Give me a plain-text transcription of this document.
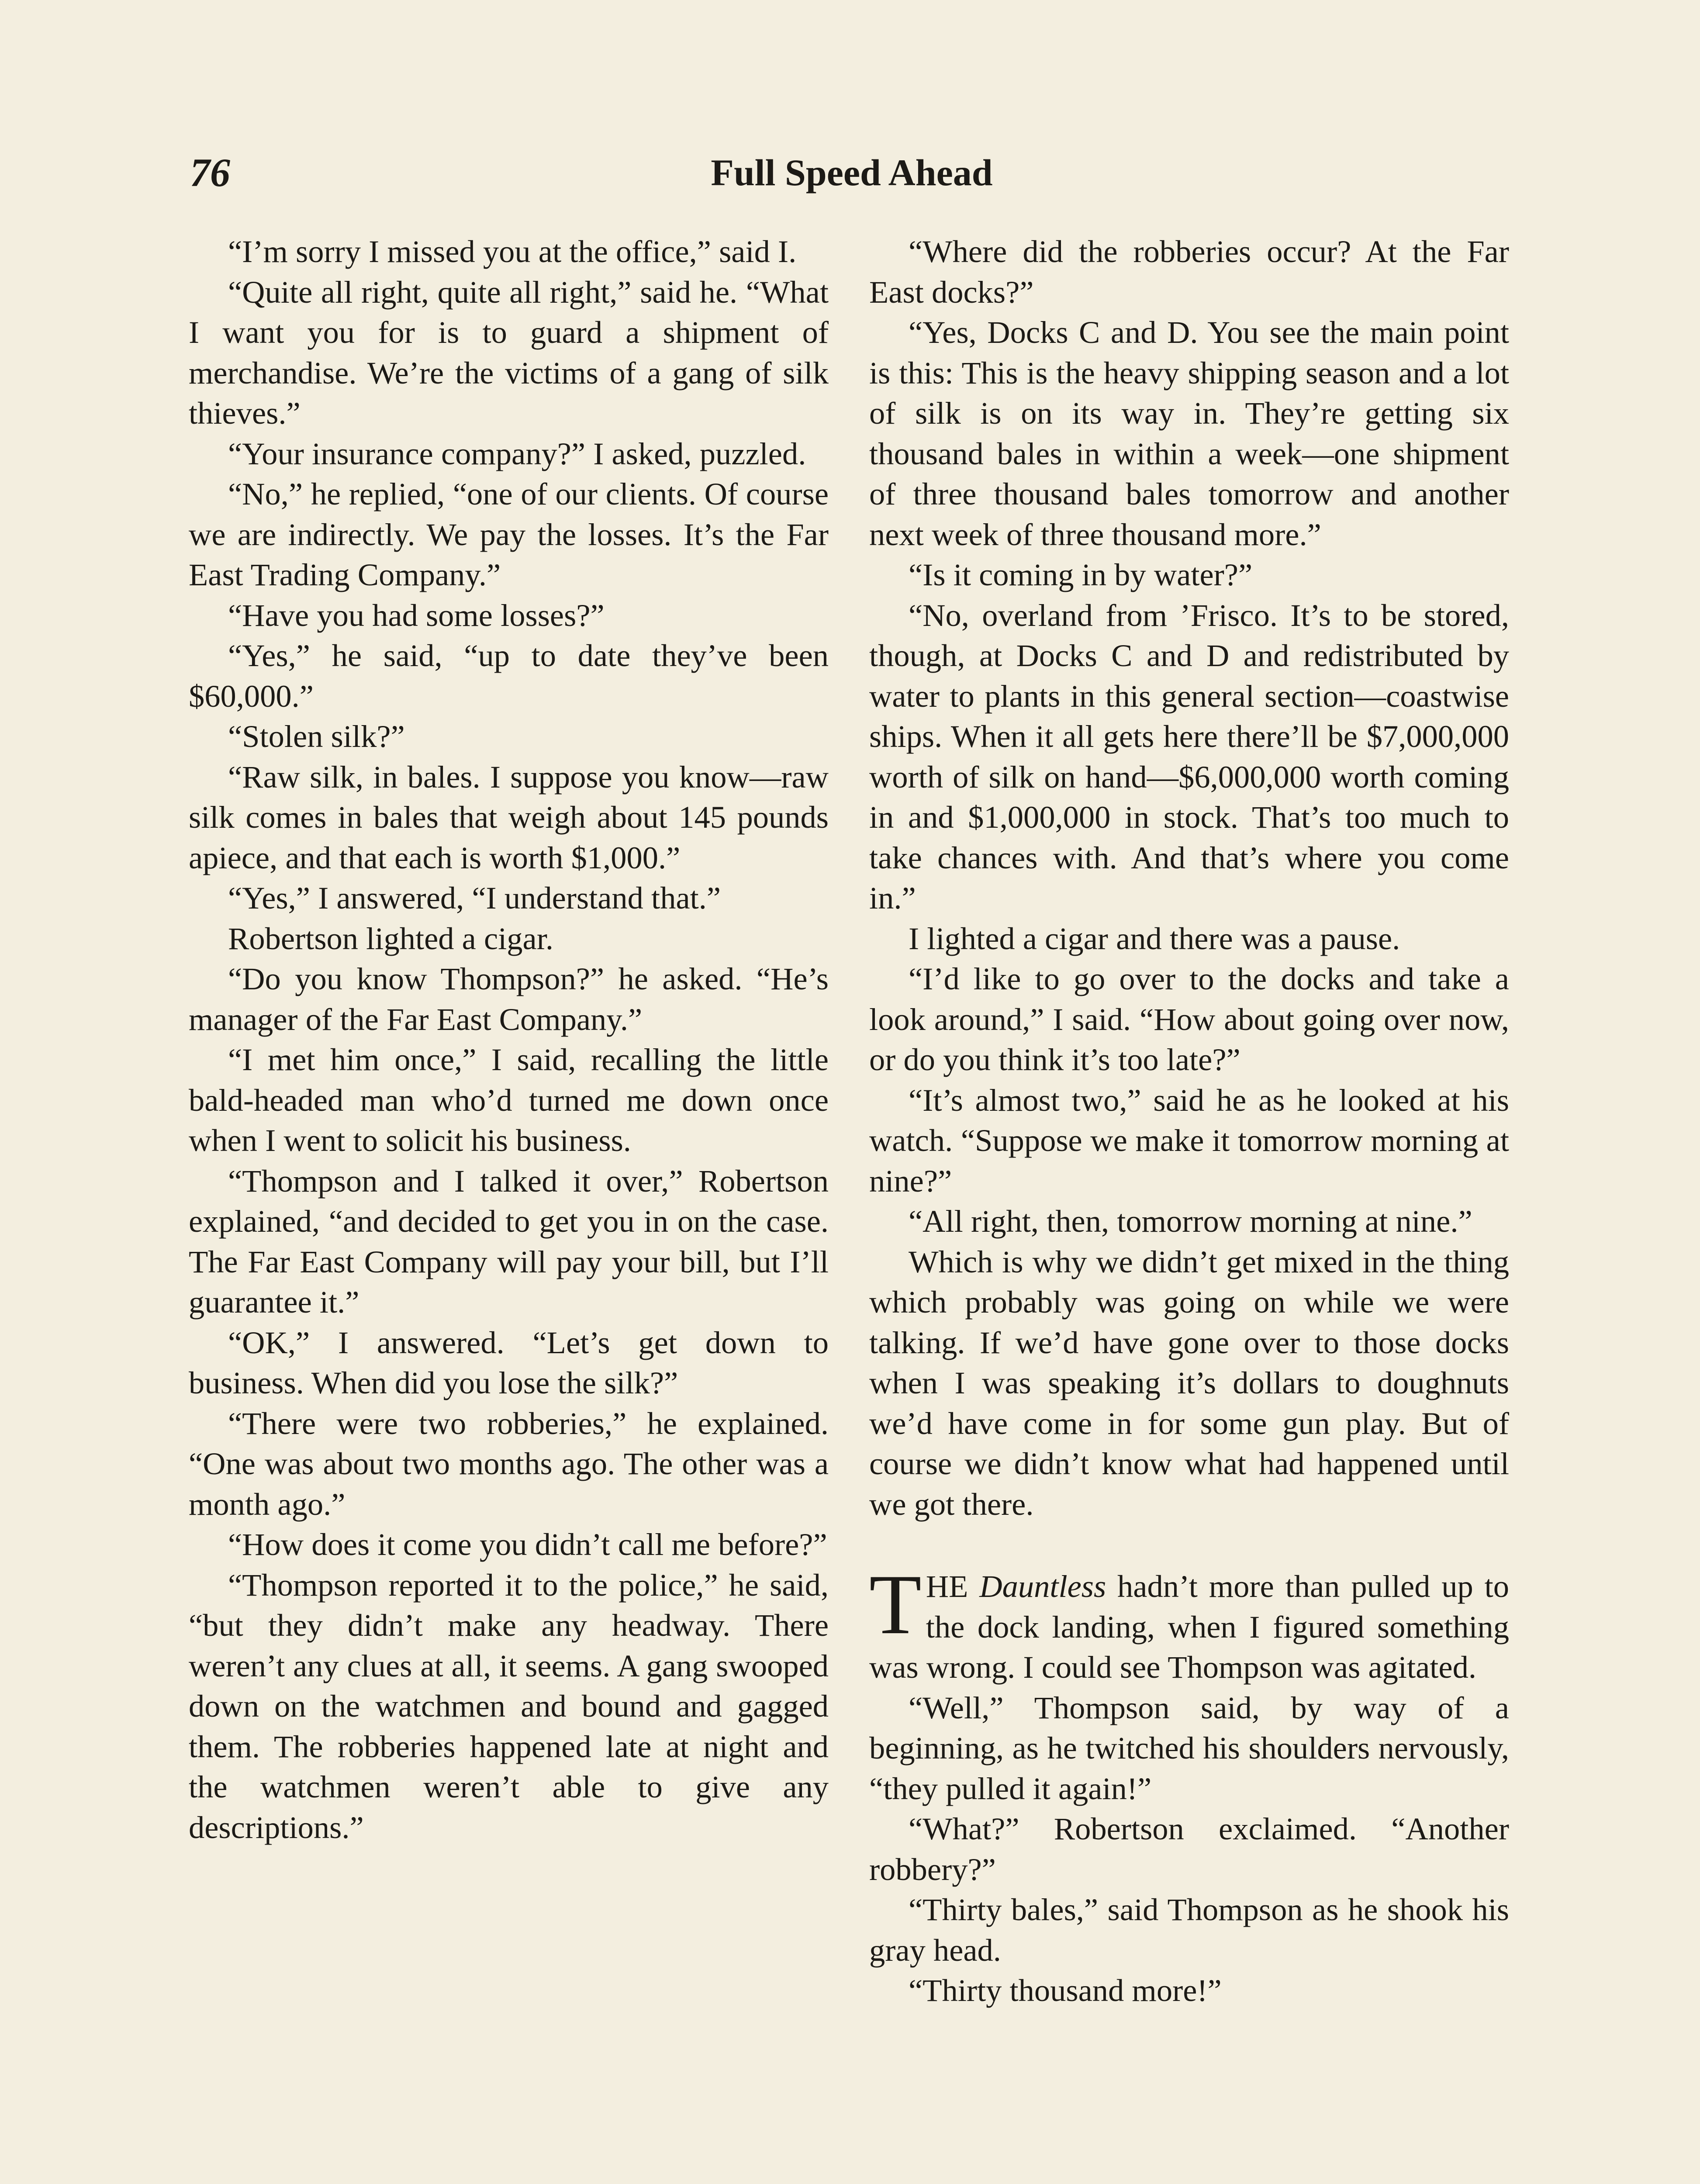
76	Full Speed Ahead

“I’m sorry I missed you at the office,” said I.

“Quite all right, quite all right,” said he. “What I want you for is to guard a shipment of merchandise. We’re the victims of a gang of silk thieves.”

“Your insurance company?” I asked, puzzled.

“No,” he replied, “one of our clients. Of course we are indirectly. We pay the losses. It’s the Far East Trading Company.”

“Have you had some losses?”

“Yes,” he said, “up to date they’ve been $60,000.”

“Stolen silk?”

“Raw silk, in bales. I suppose you know—raw silk comes in bales that weigh about 145 pounds apiece, and that each is worth $1,000.”

“Yes,” I answered, “I understand that.”

Robertson lighted a cigar.

“Do you know Thompson?” he asked. “He’s manager of the Far East Company.”

“I met him once,” I said, recalling the little bald-headed man who’d turned me down once when I went to solicit his business.

“Thompson and I talked it over,” Robertson explained, “and decided to get you in on the case. The Far East Company will pay your bill, but I’ll guarantee it.”

“OK,” I answered. “Let’s get down to business. When did you lose the silk?”

“There were two robberies,” he explained. “One was about two months ago. The other was a month ago.”

“How does it come you didn’t call me before?”

“Thompson reported it to the police,” he said, “but they didn’t make any headway. There weren’t any clues at all, it seems. A gang swooped down on the watchmen and bound and gagged them. The robberies happened late at night and the watchmen weren’t able to give any descriptions.”

“Where did the robberies occur? At the Far East docks?”

“Yes, Docks C and D. You see the main point is this: This is the heavy shipping season and a lot of silk is on its way in. They’re getting six thousand bales in within a week—one shipment of three thousand bales tomorrow and another next week of three thousand more.”

“Is it coming in by water?”

“No, overland from ’Frisco. It’s to be stored, though, at Docks C and D and redistributed by water to plants in this general section—coastwise ships. When it all gets here there’ll be $7,000,000 worth of silk on hand—$6,000,000 worth coming in and $1,000,000 in stock. That’s too much to take chances with. And that’s where you come in.”

I lighted a cigar and there was a pause.

“I’d like to go over to the docks and take a look around,” I said. “How about going over now, or do you think it’s too late?”

“It’s almost two,” said he as he looked at his watch. “Suppose we make it tomorrow morning at nine?”

“All right, then, tomorrow morning at nine.”

Which is why we didn’t get mixed in the thing which probably was going on while we were talking. If we’d have gone over to those docks when I was speaking it’s dollars to doughnuts we’d have come in for some gun play. But of course we didn’t know what had happened until we got there.

THE Dauntless hadn’t more than pulled up to the dock landing, when I figured something was wrong. I could see Thompson was agitated.

“Well,” Thompson said, by way of a beginning, as he twitched his shoulders nervously, “they pulled it again!”

“What?” Robertson exclaimed. “Another robbery?”

“Thirty bales,” said Thompson as he shook his gray head.

“Thirty thousand more!”
